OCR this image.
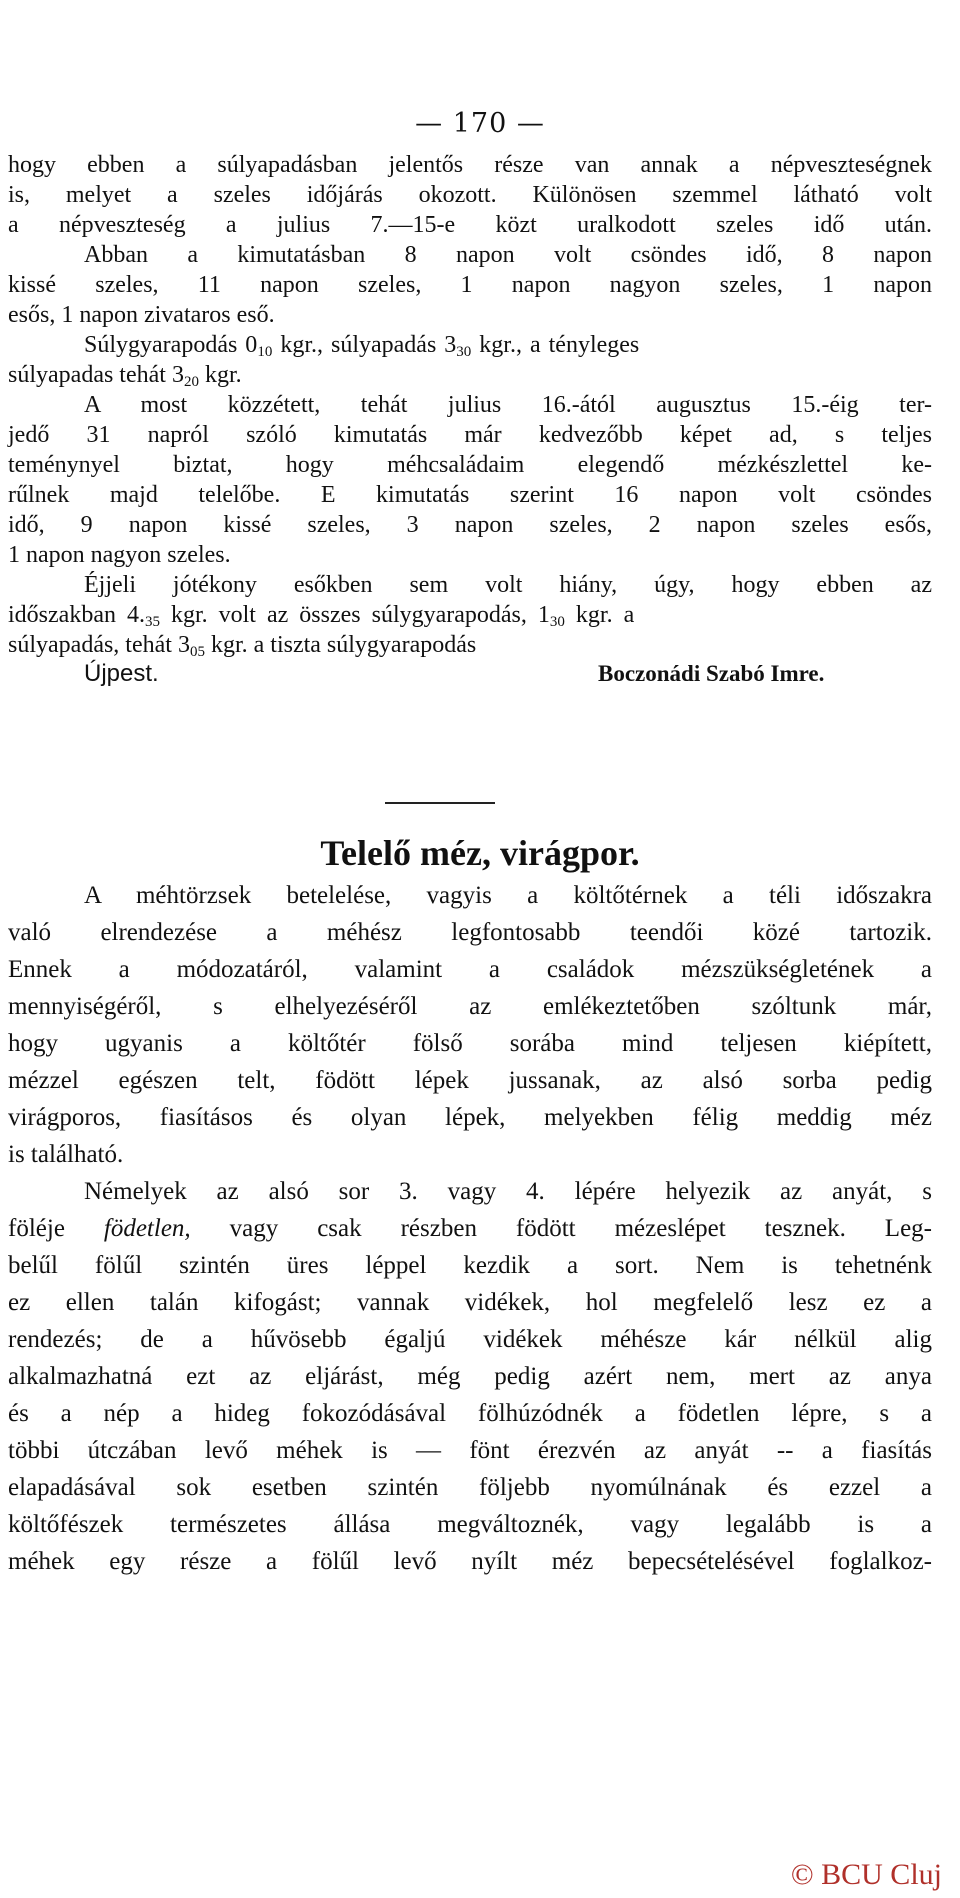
— 170 —
hogy ebben a súlyapadásban jelentős része van annak a népveszteségnek
is, melyet a szeles időjárás okozott. Különösen szemmel látható volt
a népveszteség a julius 7.—15-e közt uralkodott szeles idő után.
Abban a kimutatásban 8 napon volt csöndes idő, 8 napon
kissé szeles, 11 napon szeles, 1 napon nagyon szeles, 1 napon
esős, 1 napon zivataros eső.
Súlygyarapodás $0_{10}$ kgr., súlyapadás $3_{30}$ kgr., a tényleges
súlyapadas tehát $3_{20}$ kgr.
A most közzétett, tehát julius 16.-ától augusztus 15.-éig ter-
jedő 31 napról szóló kimutatás már kedvezőbb képet ad, s teljes
teménynyel biztat, hogy méhcsaládaim elegendő mézkészlettel ke-
rűlnek majd telelőbe. E kimutatás szerint 16 napon volt csöndes
idő, 9 napon kissé szeles, 3 napon szeles, 2 napon szeles esős,
1 napon nagyon szeles.
Éjjeli jótékony esőkben sem volt hiány, úgy, hogy ebben az
időszakban $4._{35}$ kgr. volt az összes súlygyarapodás, $1_{30}$ kgr. a
súlyapadás, tehát $3_{05}$ kgr. a tiszta súlygyarapodás
Újpest.	Boczonádi Szabó Imre.
Telelő méz, virágpor.
A méhtörzsek betelelése, vagyis a költőtérnek a téli időszakra
való elrendezése a méhész legfontosabb teendői közé tartozik.
Ennek a módozatáról, valamint a családok mézszükségletének a
mennyiségéről, s elhelyezéséről az emlékeztetőben szóltunk már,
hogy ugyanis a költőtér fölső sorába mind teljesen kiépített,
mézzel egészen telt, födött lépek jussanak, az alsó sorba pedig
virágporos, fiasításos és olyan lépek, melyekben félig meddig méz
is található.
Némelyek az alsó sor 3. vagy 4. lépére helyezik az anyát, s
föléje födetlen, vagy csak részben födött mézeslépet tesznek. Leg-
belűl fölűl szintén üres léppel kezdik a sort. Nem is tehetnénk
ez ellen talán kifogást; vannak vidékek, hol megfelelő lesz ez a
rendezés; de a hűvösebb égaljú vidékek méhésze kár nélkül alig
alkalmazhatná ezt az eljárást, még pedig azért nem, mert az anya
és a nép a hideg fokozódásával fölhúzódnék a födetlen lépre, s a
többi útczában levő méhek is — fönt érezvén az anyát -- a fiasítás
elapadásával sok esetben szintén följebb nyomúlnának és ezzel a
költőfészek természetes állása megváltoznék, vagy legalább is a
méhek egy része a fölűl levő nyílt méz bepecsételésével foglalkoz-
© BCU Cluj
